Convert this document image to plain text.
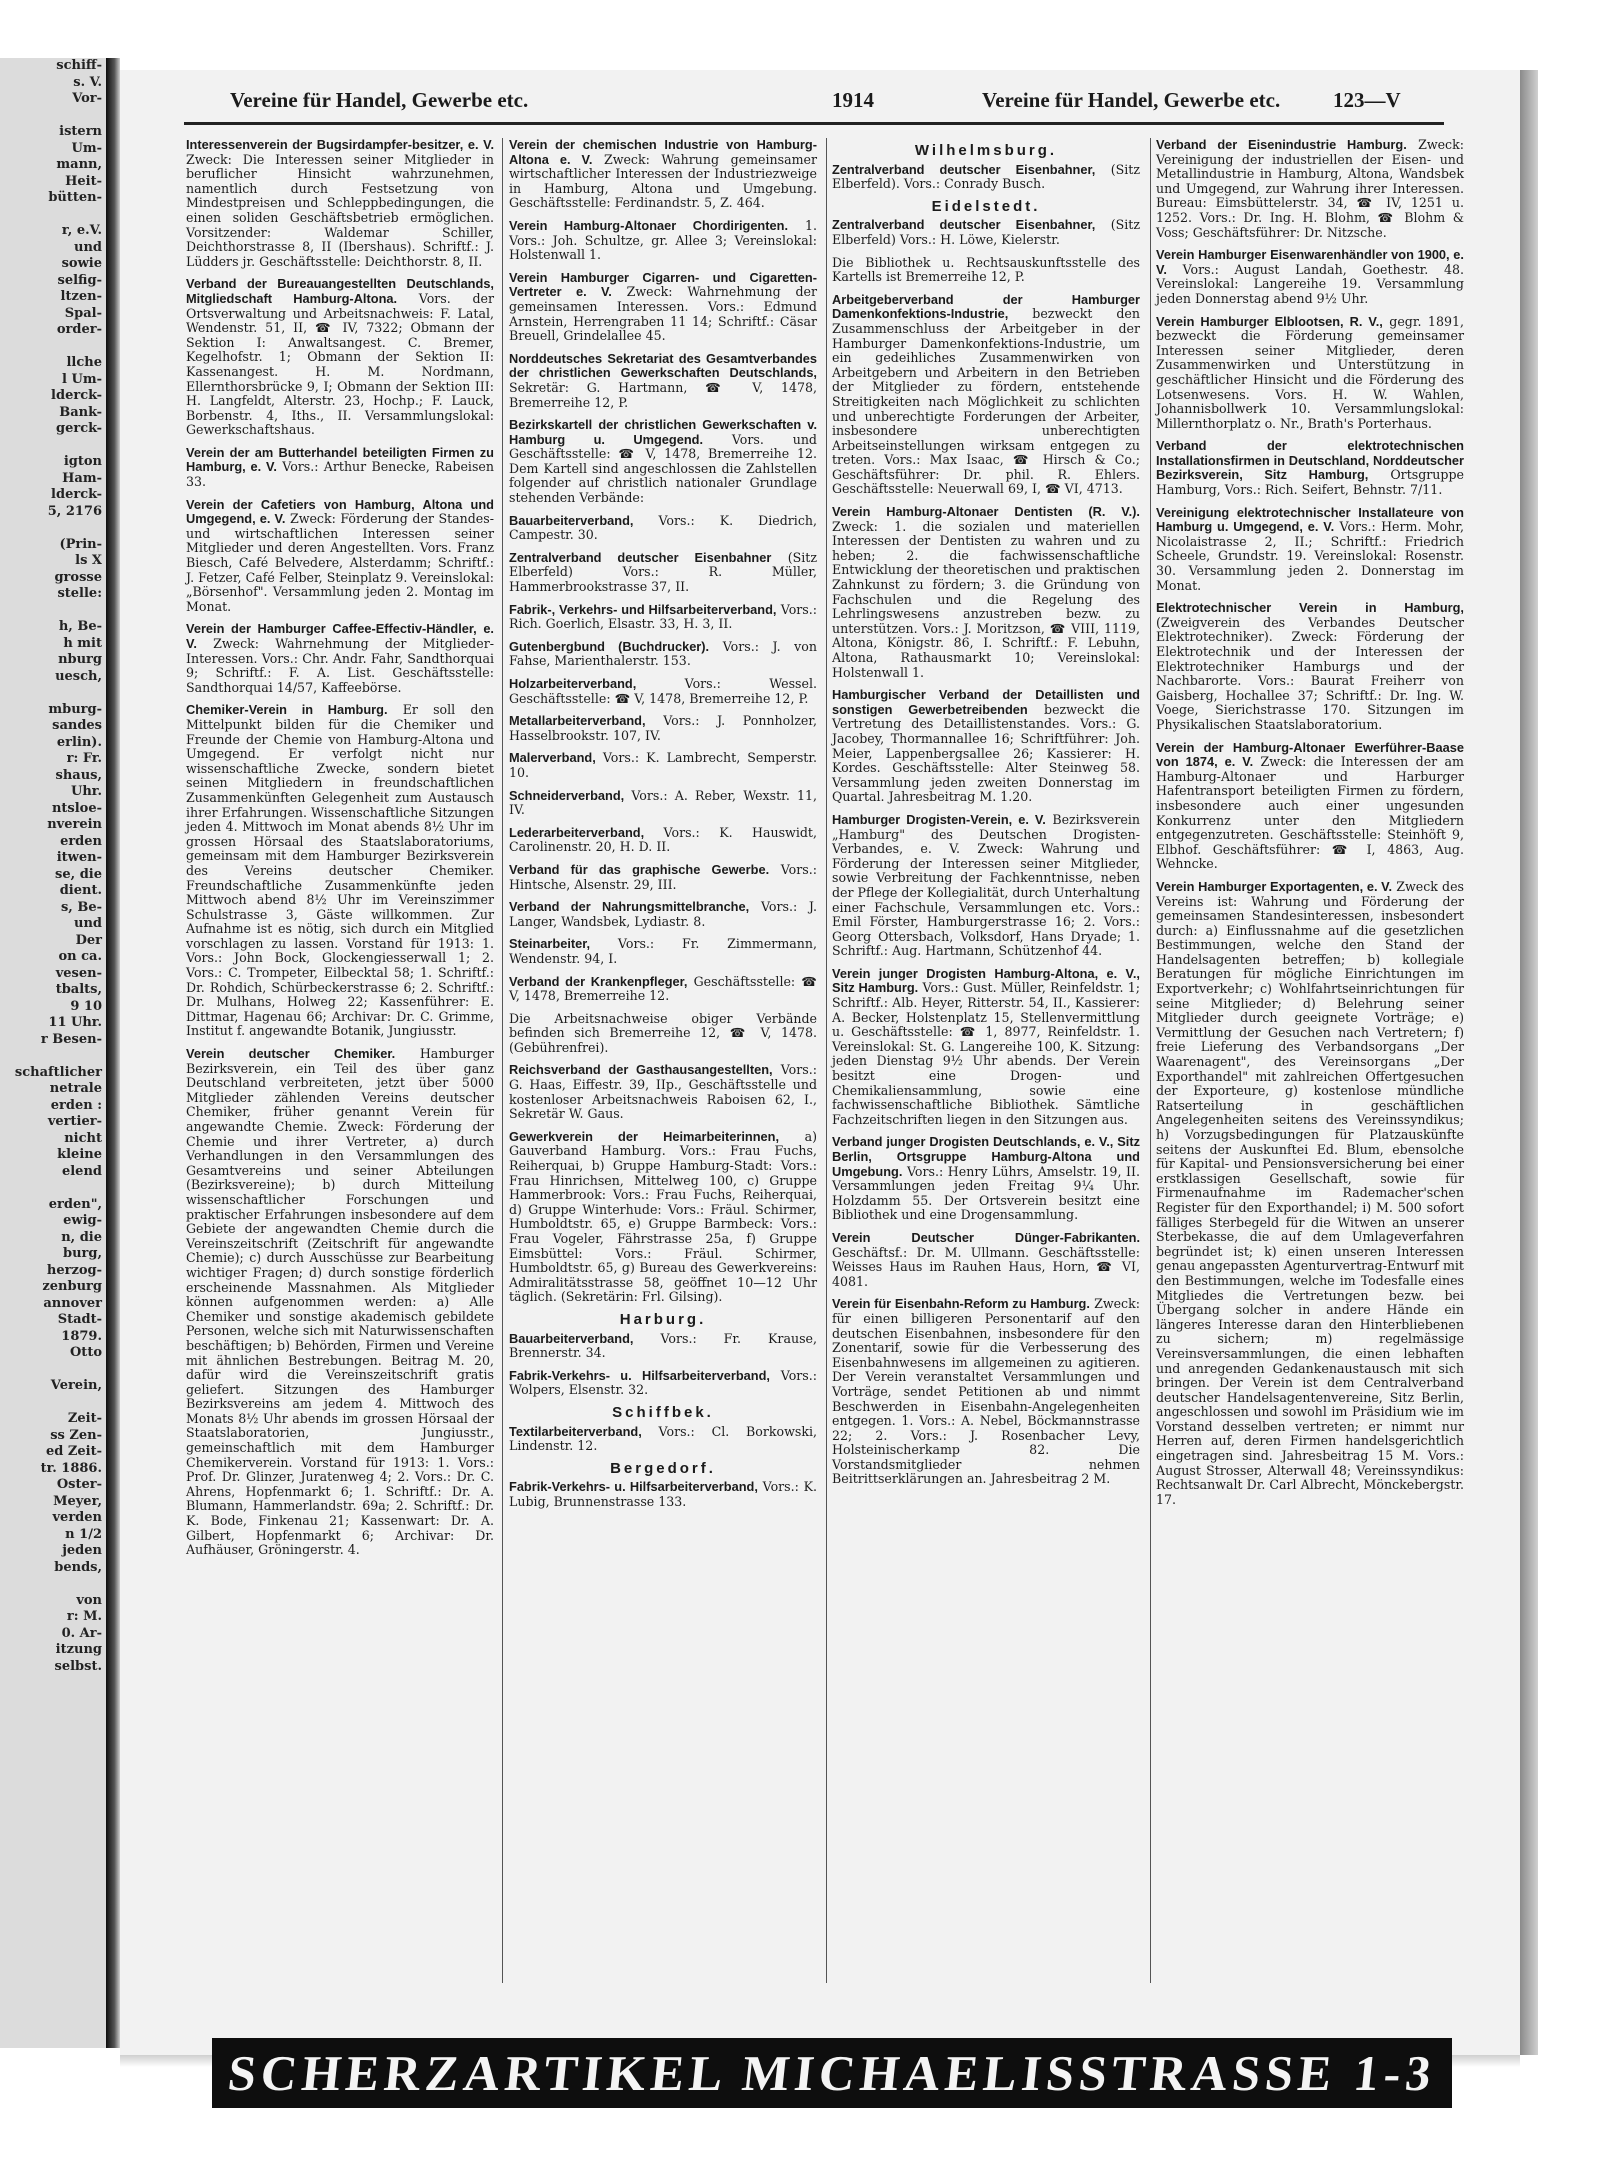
schiff-
s. V.
Vor-
istern
Um-
mann,
Heit-
bütten-
r, e.V.
und
sowie
selfig-
ltzen-
Spal-
order-
llche
l Um-
lderck-
Bank-
gerck-
igton
Ham-
lderck-
5, 2176
(Prin-
ls X
grosse
stelle:
h, Be-
h mit
nburg
uesch,
mburg-
sandes
erlin).
r: Fr.
shaus,
Uhr.
ntsloe-
nverein
erden
itwen-
se, die
dient.
s, Be-
und
Der
on ca.
vesen-
tbalts,
9 10
11 Uhr.
r Besen-
schaftlicher
netrale
erden :
vertier-
nicht
kleine
elend
erden",
ewig-
n, die
burg,
herzog-
zenburg
annover
Stadt-
1879.
Otto
Verein,
Zeit-
ss Zen-
ed Zeit-
tr. 1886.
Oster-
Meyer,
verden
n 1/2
jeden
bends,
von
r: M.
0. Ar-
itzung
selbst.
Vereine für Handel, Gewerbe etc.	1914	Vereine für Handel, Gewerbe etc.	123—V
Interessenverein der Bugsirdampfer-besitzer, e. V. Zweck: Die Interessen seiner Mitglieder in beruflicher Hinsicht wahrzunehmen, namentlich durch Festsetzung von Mindestpreisen und Schleppbedingungen, die einen soliden Geschäftsbetrieb ermöglichen. Vorsitzender: Waldemar Schiller, Deichthorstrasse 8, II (Ibershaus). Schriftf.: J. Lüdders jr. Geschäftsstelle: Deichthorstr. 8, II.
Verband der Bureauangestellten Deutschlands, Mitgliedschaft Hamburg-Altona. Vors. der Ortsverwaltung und Arbeitsnachweis: F. Latal, Wendenstr. 51, II, ☎ IV, 7322; Obmann der Sektion I: Anwaltsangest. C. Bremer, Kegelhofstr. 1; Obmann der Sektion II: Kassenangest. H. M. Nordmann, Ellernthorsbrücke 9, I; Obmann der Sektion III: H. Langfeldt, Alterstr. 23, Hochp.; F. Lauck, Borbenstr. 4, Iths., II. Versammlungslokal: Gewerkschaftshaus.
Verein der am Butterhandel beteiligten Firmen zu Hamburg, e. V. Vors.: Arthur Benecke, Rabeisen 33.
Verein der Cafetiers von Hamburg, Altona und Umgegend, e. V. Zweck: Förderung der Standes- und wirtschaftlichen Interessen seiner Mitglieder und deren Angestellten. Vors. Franz Biesch, Café Belvedere, Alsterdamm; Schriftf.: J. Fetzer, Café Felber, Steinplatz 9. Vereinslokal: „Börsenhof". Versammlung jeden 2. Montag im Monat.
Verein der Hamburger Caffee-Effectiv-Händler, e. V. Zweck: Wahrnehmung der Mitglieder-Interessen. Vors.: Chr. Andr. Fahr, Sandthorquai 9; Schriftf.: F. A. List. Geschäftsstelle: Sandthorquai 14/57, Kaffeebörse.
Chemiker-Verein in Hamburg. Er soll den Mittelpunkt bilden für die Chemiker und Freunde der Chemie von Hamburg-Altona und Umgegend. Er verfolgt nicht nur wissenschaftliche Zwecke, sondern bietet seinen Mitgliedern in freundschaftlichen Zusammenkünften Gelegenheit zum Austausch ihrer Erfahrungen. Wissenschaftliche Sitzungen jeden 4. Mittwoch im Monat abends 8½ Uhr im grossen Hörsaal des Staatslaboratoriums, gemeinsam mit dem Hamburger Bezirksverein des Vereins deutscher Chemiker. Freundschaftliche Zusammenkünfte jeden Mittwoch abend 8½ Uhr im Vereinszimmer Schulstrasse 3, Gäste willkommen. Zur Aufnahme ist es nötig, sich durch ein Mitglied vorschlagen zu lassen. Vorstand für 1913: 1. Vors.: John Bock, Glockengiesserwall 1; 2. Vors.: C. Trompeter, Eilbecktal 58; 1. Schriftf.: Dr. Rohdich, Schürbeckerstrasse 6; 2. Schriftf.: Dr. Mulhans, Holweg 22; Kassenführer: E. Dittmar, Hagenau 66; Archivar: Dr. C. Grimme, Institut f. angewandte Botanik, Jungiusstr.
Verein deutscher Chemiker. Hamburger Bezirksverein, ein Teil des über ganz Deutschland verbreiteten, jetzt über 5000 Mitglieder zählenden Vereins deutscher Chemiker, früher genannt Verein für angewandte Chemie. Zweck: Förderung der Chemie und ihrer Vertreter, a) durch Verhandlungen in den Versammlungen des Gesamtvereins und seiner Abteilungen (Bezirksvereine); b) durch Mitteilung wissenschaftlicher Forschungen und praktischer Erfahrungen insbesondere auf dem Gebiete der angewandten Chemie durch die Vereinszeitschrift (Zeitschrift für angewandte Chemie); c) durch Ausschüsse zur Bearbeitung wichtiger Fragen; d) durch sonstige förderlich erscheinende Massnahmen. Als Mitglieder können aufgenommen werden: a) Alle Chemiker und sonstige akademisch gebildete Personen, welche sich mit Naturwissenschaften beschäftigen; b) Behörden, Firmen und Vereine mit ähnlichen Bestrebungen. Beitrag M. 20, dafür wird die Vereinszeitschrift gratis geliefert. Sitzungen des Hamburger Bezirksvereins am jedem 4. Mittwoch des Monats 8½ Uhr abends im grossen Hörsaal der Staatslaboratorien, Jungiusstr., gemeinschaftlich mit dem Hamburger Chemikerverein. Vorstand für 1913: 1. Vors.: Prof. Dr. Glinzer, Juratenweg 4; 2. Vors.: Dr. C. Ahrens, Hopfenmarkt 6; 1. Schriftf.: Dr. A. Blumann, Hammerlandstr. 69a; 2. Schriftf.: Dr. K. Bode, Finkenau 21; Kassenwart: Dr. A. Gilbert, Hopfenmarkt 6; Archivar: Dr. Aufhäuser, Gröningerstr. 4.
Verein der chemischen Industrie von Hamburg-Altona e. V. Zweck: Wahrung gemeinsamer wirtschaftlicher Interessen der Industriezweige in Hamburg, Altona und Umgebung. Geschäftsstelle: Ferdinandstr. 5, Z. 464.
Verein Hamburg-Altonaer Chordirigenten. 1. Vors.: Joh. Schultze, gr. Allee 3; Vereinslokal: Holstenwall 1.
Verein Hamburger Cigarren- und Cigaretten-Vertreter e. V. Zweck: Wahrnehmung der gemeinsamen Interessen. Vors.: Edmund Arnstein, Herrengraben 11 14; Schriftf.: Cäsar Breuell, Grindelallee 45.
Norddeutsches Sekretariat des Gesamtverbandes der christlichen Gewerkschaften Deutschlands, Sekretär: G. Hartmann, ☎ V, 1478, Bremerreihe 12, P.
Bezirkskartell der christlichen Gewerkschaften v. Hamburg u. Umgegend. Vors. und Geschäftsstelle: ☎ V, 1478, Bremerreihe 12. Dem Kartell sind angeschlossen die Zahlstellen folgender auf christlich nationaler Grundlage stehenden Verbände:
Bauarbeiterverband, Vors.: K. Diedrich, Campestr. 30.
Zentralverband deutscher Eisenbahner (Sitz Elberfeld) Vors.: R. Müller, Hammerbrookstrasse 37, II.
Fabrik-, Verkehrs- und Hilfsarbeiterverband, Vors.: Rich. Goerlich, Elsastr. 33, H. 3, II.
Gutenbergbund (Buchdrucker). Vors.: J. von Fahse, Marienthalerstr. 153.
Holzarbeiterverband,	Vors.: Wessel. Geschäftsstelle: ☎ V, 1478, Bremerreihe 12, P.
Metallarbeiterverband, Vors.: J. Ponnholzer, Hasselbrookstr. 107, IV.
Malerverband, Vors.: K. Lambrecht, Semperstr. 10.
Schneiderverband, Vors.: A. Reber, Wexstr. 11, IV.
Lederarbeiterverband, Vors.: K. Hauswidt, Carolinenstr. 20, H. D. II.
Verband für das graphische Gewerbe. Vors.: Hintsche, Alsenstr. 29, III.
Verband der Nahrungsmittelbranche, Vors.: J. Langer, Wandsbek, Lydiastr. 8.
Steinarbeiter, Vors.: Fr. Zimmermann, Wendenstr. 94, I.
Verband der Krankenpfleger, Geschäftsstelle: ☎ V, 1478, Bremerreihe 12.
Die Arbeitsnachweise obiger Verbände befinden sich Bremerreihe 12, ☎ V, 1478. (Gebührenfrei).
Reichsverband der Gasthausangestellten, Vors.: G. Haas, Eiffestr. 39, IIp., Geschäftsstelle und kostenloser Arbeitsnachweis Raboisen 62, I., Sekretär W. Gaus.
Gewerkverein der Heimarbeiterinnen, a) Gauverband Hamburg. Vors.: Frau Fuchs, Reiherquai, b) Gruppe Hamburg-Stadt: Vors.: Frau Hinrichsen, Mittelweg 100, c) Gruppe Hammerbrook: Vors.: Frau Fuchs, Reiherquai, d) Gruppe Winterhude: Vors.: Fräul. Schirmer, Humboldtstr. 65, e) Gruppe Barmbeck: Vors.: Frau Vogeler, Fährstrasse 25a, f) Gruppe Eimsbüttel: Vors.: Fräul. Schirmer, Humboldtstr. 65, g) Bureau des Gewerkvereins: Admiralitätsstrasse 58, geöffnet 10—12 Uhr täglich. (Sekretärin: Frl. Gilsing).
Harburg.
Bauarbeiterverband, Vors.: Fr. Krause, Brennerstr. 34.
Fabrik-Verkehrs- u. Hilfsarbeiterverband, Vors.: Wolpers, Elsenstr. 32.
Schiffbek.
Textilarbeiterverband, Vors.: Cl. Borkowski, Lindenstr. 12.
Bergedorf.
Fabrik-Verkehrs- u. Hilfsarbeiterverband, Vors.: K. Lubig, Brunnenstrasse 133.
Wilhelmsburg.
Zentralverband deutscher Eisenbahner, (Sitz Elberfeld). Vors.: Conrady Busch.
Eidelstedt.
Zentralverband deutscher Eisenbahner, (Sitz Elberfeld) Vors.: H. Löwe, Kielerstr.
Die Bibliothek u. Rechtsauskunftsstelle des Kartells ist Bremerreihe 12, P.
Arbeitgeberverband der Hamburger Damenkonfektions-Industrie, bezweckt den Zusammenschluss der Arbeitgeber in der Hamburger Damenkonfektions-Industrie, um ein gedeihliches Zusammenwirken von Arbeitgebern und Arbeitern in den Betrieben der Mitglieder zu fördern, entstehende Streitigkeiten nach Möglichkeit zu schlichten und unberechtigte Forderungen der Arbeiter, insbesondere unberechtigten Arbeitseinstellungen wirksam entgegen zu treten. Vors.: Max Isaac, ☎ Hirsch & Co.; Geschäftsführer: Dr. phil. R. Ehlers. Geschäftsstelle: Neuerwall 69, I, ☎ VI, 4713.
Verein Hamburg-Altonaer Dentisten (R. V.). Zweck: 1. die sozialen und materiellen Interessen der Dentisten zu wahren und zu heben; 2. die fachwissenschaftliche Entwicklung der theoretischen und praktischen Zahnkunst zu fördern; 3. die Gründung von Fachschulen und die Regelung des Lehrlingswesens anzustreben bezw. zu unterstützen. Vors.: J. Moritzson, ☎ VIII, 1119, Altona, Königstr. 86, I. Schriftf.: F. Lebuhn, Altona, Rathausmarkt 10; Vereinslokal: Holstenwall 1.
Hamburgischer Verband der Detaillisten und sonstigen Gewerbetreibenden bezweckt die Vertretung des Detaillistenstandes. Vors.: G. Jacobey, Thormannallee 16; Schriftführer: Joh. Meier, Lappenbergsallee 26; Kassierer: H. Kordes. Geschäftsstelle: Alter Steinweg 58. Versammlung jeden zweiten Donnerstag im Quartal. Jahresbeitrag M. 1.20.
Hamburger Drogisten-Verein, e. V. Bezirksverein „Hamburg" des Deutschen Drogisten-Verbandes, e. V. Zweck: Wahrung und Förderung der Interessen seiner Mitglieder, sowie Verbreitung der Fachkenntnisse, neben der Pflege der Kollegialität, durch Unterhaltung einer Fachschule, Versammlungen etc. Vors.: Emil Förster, Hamburgerstrasse 16; 2. Vors.: Georg Ottersbach, Volksdorf, Hans Dryade; 1. Schriftf.: Aug. Hartmann, Schützenhof 44.
Verein junger Drogisten Hamburg-Altona, e. V., Sitz Hamburg. Vors.: Gust. Müller, Reinfeldstr. 1; Schriftf.: Alb. Heyer, Ritterstr. 54, II., Kassierer: A. Becker, Holstenplatz 15, Stellenvermittlung u. Geschäftsstelle: ☎ 1, 8977, Reinfeldstr. 1. Vereinslokal: St. G. Langereihe 100, K. Sitzung: jeden Dienstag 9½ Uhr abends. Der Verein besitzt eine Drogen- und Chemikaliensammlung, sowie eine fachwissenschaftliche Bibliothek. Sämtliche Fachzeitschriften liegen in den Sitzungen aus.
Verband junger Drogisten Deutschlands, e. V., Sitz Berlin, Ortsgruppe Hamburg-Altona und Umgebung. Vors.: Henry Lührs, Amselstr. 19, II. Versammlungen jeden Freitag 9¼ Uhr. Holzdamm 55. Der Ortsverein besitzt eine Bibliothek und eine Drogensammlung.
Verein Deutscher Dünger-Fabrikanten. Geschäftsf.: Dr. M. Ullmann. Geschäftsstelle: Weisses Haus im Rauhen Haus, Horn, ☎ VI, 4081.
Verein für Eisenbahn-Reform zu Hamburg. Zweck: für einen billigeren Personentarif auf den deutschen Eisenbahnen, insbesondere für den Zonentarif, sowie für die Verbesserung des Eisenbahnwesens im allgemeinen zu agitieren. Der Verein veranstaltet Versammlungen und Vorträge, sendet Petitionen ab und nimmt Beschwerden in Eisenbahn-Angelegenheiten entgegen. 1. Vors.: A. Nebel, Böckmannstrasse 22; 2. Vors.: J. Rosenbacher Levy, Holsteinischerkamp 82. Die Vorstandsmitglieder nehmen Beitrittserklärungen an. Jahresbeitrag 2 M.
Verband der Eisenindustrie Hamburg. Zweck: Vereinigung der industriellen der Eisen- und Metallindustrie in Hamburg, Altona, Wandsbek und Umgegend, zur Wahrung ihrer Interessen. Bureau: Eimsbüttelerstr. 34, ☎ IV, 1251 u. 1252. Vors.: Dr. Ing. H. Blohm, ☎ Blohm & Voss; Geschäftsführer: Dr. Nitzsche.
Verein Hamburger Eisenwarenhändler von 1900, e. V. Vors.: August Landah, Goethestr. 48. Vereinslokal: Langereihe 19. Versammlung jeden Donnerstag abend 9½ Uhr.
Verein Hamburger Elblootsen, R. V., gegr. 1891, bezweckt die Förderung gemeinsamer Interessen seiner Mitglieder, deren Zusammenwirken und Unterstützung in geschäftlicher Hinsicht und die Förderung des Lotsenwesens. Vors. H. W. Wahlen, Johannisbollwerk 10. Versammlungslokal: Millernthorplatz o. Nr., Brath's Porterhaus.
Verband der elektrotechnischen Installationsfirmen in Deutschland, Norddeutscher Bezirksverein, Sitz Hamburg, Ortsgruppe Hamburg, Vors.: Rich. Seifert, Behnstr. 7/11.
Vereinigung elektrotechnischer Installateure von Hamburg u. Umgegend, e. V. Vors.: Herm. Mohr, Nicolaistrasse 2, II.; Schriftf.: Friedrich Scheele, Grundstr. 19. Vereinslokal: Rosenstr. 30. Versammlung jeden 2. Donnerstag im Monat.
Elektrotechnischer Verein in Hamburg, (Zweigverein des Verbandes Deutscher Elektrotechniker). Zweck: Förderung der Elektrotechnik und der Interessen der Elektrotechniker Hamburgs und der Nachbarorte. Vors.: Baurat Freiherr von Gaisberg, Hochallee 37; Schriftf.: Dr. Ing. W. Voege, Sierichstrasse 170. Sitzungen im Physikalischen Staatslaboratorium.
Verein der Hamburg-Altonaer Ewerführer-Baase von 1874, e. V. Zweck: die Interessen der am Hamburg-Altonaer und Harburger Hafentransport beteiligten Firmen zu fördern, insbesondere auch einer ungesunden Konkurrenz unter den Mitgliedern entgegenzutreten. Geschäftsstelle: Steinhöft 9, Elbhof. Geschäftsführer: ☎ I, 4863, Aug. Wehncke.
Verein Hamburger Exportagenten, e. V. Zweck des Vereins ist: Wahrung und Förderung der gemeinsamen Standesinteressen, insbesondert durch: a) Einflussnahme auf die gesetzlichen Bestimmungen, welche den Stand der Handelsagenten betreffen; b) kollegiale Beratungen für mögliche Einrichtungen im Exportverkehr; c) Wohlfahrtseinrichtungen für seine Mitglieder; d) Belehrung seiner Mitglieder durch geeignete Vorträge; e) Vermittlung der Gesuchen nach Vertretern; f) freie Lieferung des Verbandsorgans „Der Waarenagent", des Vereinsorgans „Der Exporthandel" mit zahlreichen Offertgesuchen der Exporteure, g) kostenlose mündliche Ratserteilung in geschäftlichen Angelegenheiten seitens des Vereinssyndikus; h) Vorzugsbedingungen für Platzauskünfte seitens der Auskunftei Ed. Blum, ebensolche für Kapital- und Pensionsversicherung bei einer erstklassigen Gesellschaft, sowie für Firmenaufnahme im Rademacher'schen Register für den Exporthandel; i) M. 500 sofort fälliges Sterbegeld für die Witwen an unserer Sterbekasse, die auf dem Umlageverfahren begründet ist; k) einen unseren Interessen genau angepassten Agenturvertrag-Entwurf mit den Bestimmungen, welche im Todesfalle eines Mitgliedes die Vertretungen bezw. bei Übergang solcher in andere Hände ein längeres Interesse daran den Hinterbliebenen zu sichern; m) regelmässige Vereinsversammlungen, die einen lebhaften und anregenden Gedankenaustausch mit sich bringen. Der Verein ist dem Centralverband deutscher Handelsagentenvereine, Sitz Berlin, angeschlossen und sowohl im Präsidium wie im Vorstand desselben vertreten; er nimmt nur Herren auf, deren Firmen handelsgerichtlich eingetragen sind. Jahresbeitrag 15 M. Vors.: August Strosser, Alterwall 48; Vereinssyndikus: Rechtsanwalt Dr. Carl Albrecht, Mönckebergstr. 17.
SCHERZARTIKEL MICHAELISSTRASSE 1-3
